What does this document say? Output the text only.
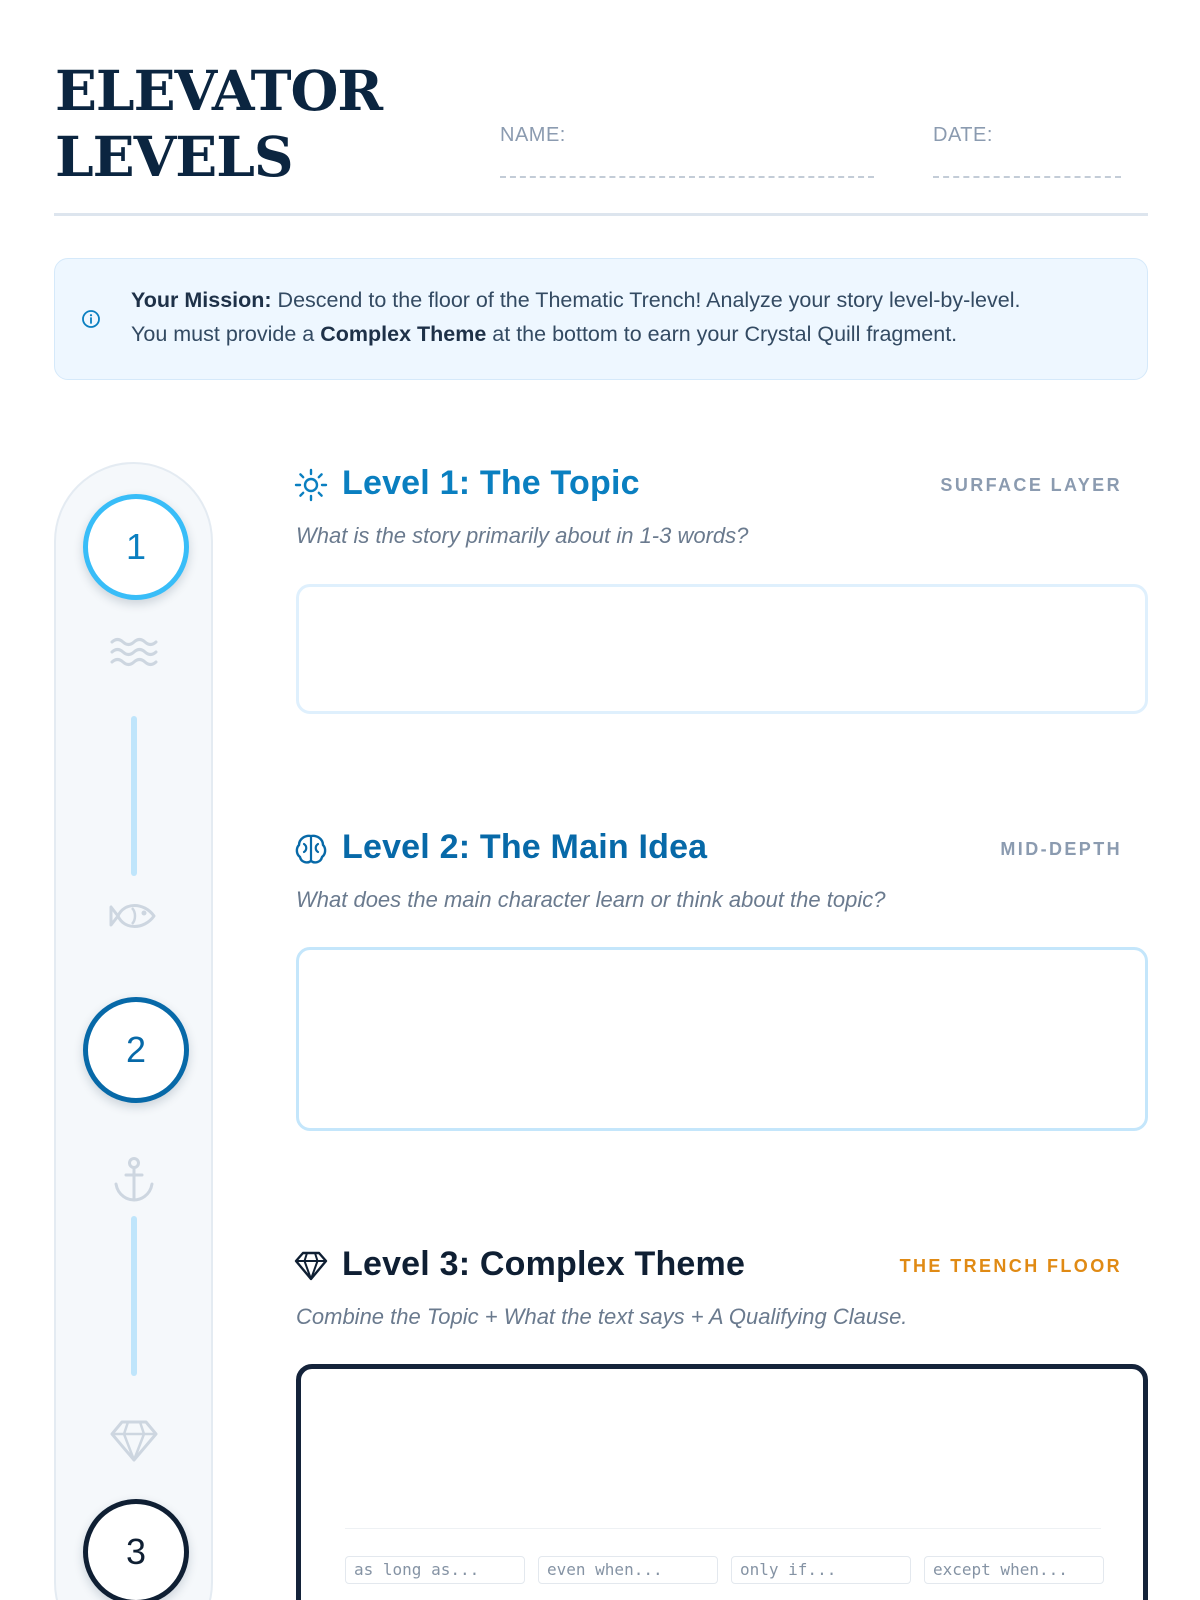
ELEVATOR
LEVELS	NAME:	DATE:
Your Mission: Descend to the floor of the Thematic Trench! Analyze your story level-by-level.
You must provide a Complex Theme at the bottom to earn your Crystal Quill fragment.
1
2
3
Level 1: The Topic	SURFACE LAYER
What is the story primarily about in 1-3 words?
Level 2: The Main Idea	MID-DEPTH
What does the main character learn or think about the topic?
Level 3: Complex Theme	THE TRENCH FLOOR
Combine the Topic + What the text says + A Qualifying Clause.
as long as...	even when...	only if...	except when...
